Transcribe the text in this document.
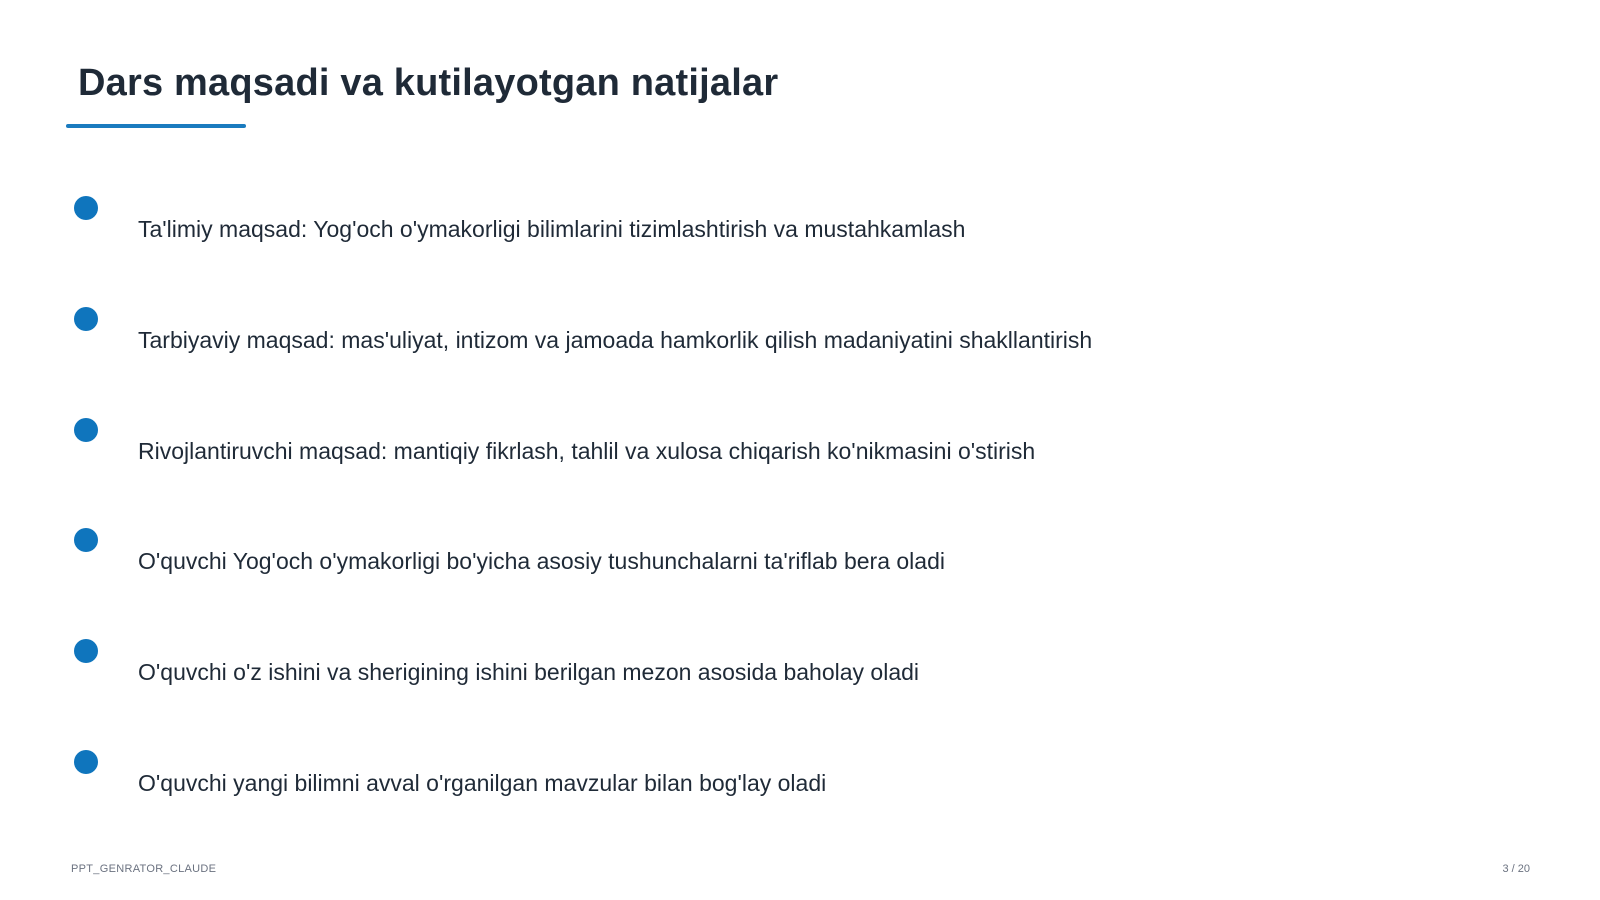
Dars maqsadi va kutilayotgan natijalar
Ta'limiy maqsad: Yog'och o'ymakorligi bilimlarini tizimlashtirish va mustahkamlash
Tarbiyaviy maqsad: mas'uliyat, intizom va jamoada hamkorlik qilish madaniyatini shakllantirish
Rivojlantiruvchi maqsad: mantiqiy fikrlash, tahlil va xulosa chiqarish ko'nikmasini o'stirish
O'quvchi Yog'och o'ymakorligi bo'yicha asosiy tushunchalarni ta'riflab bera oladi
O'quvchi o'z ishini va sherigining ishini berilgan mezon asosida baholay oladi
O'quvchi yangi bilimni avval o'rganilgan mavzular bilan bog'lay oladi
PPT_GENRATOR_CLAUDE	3 / 20
